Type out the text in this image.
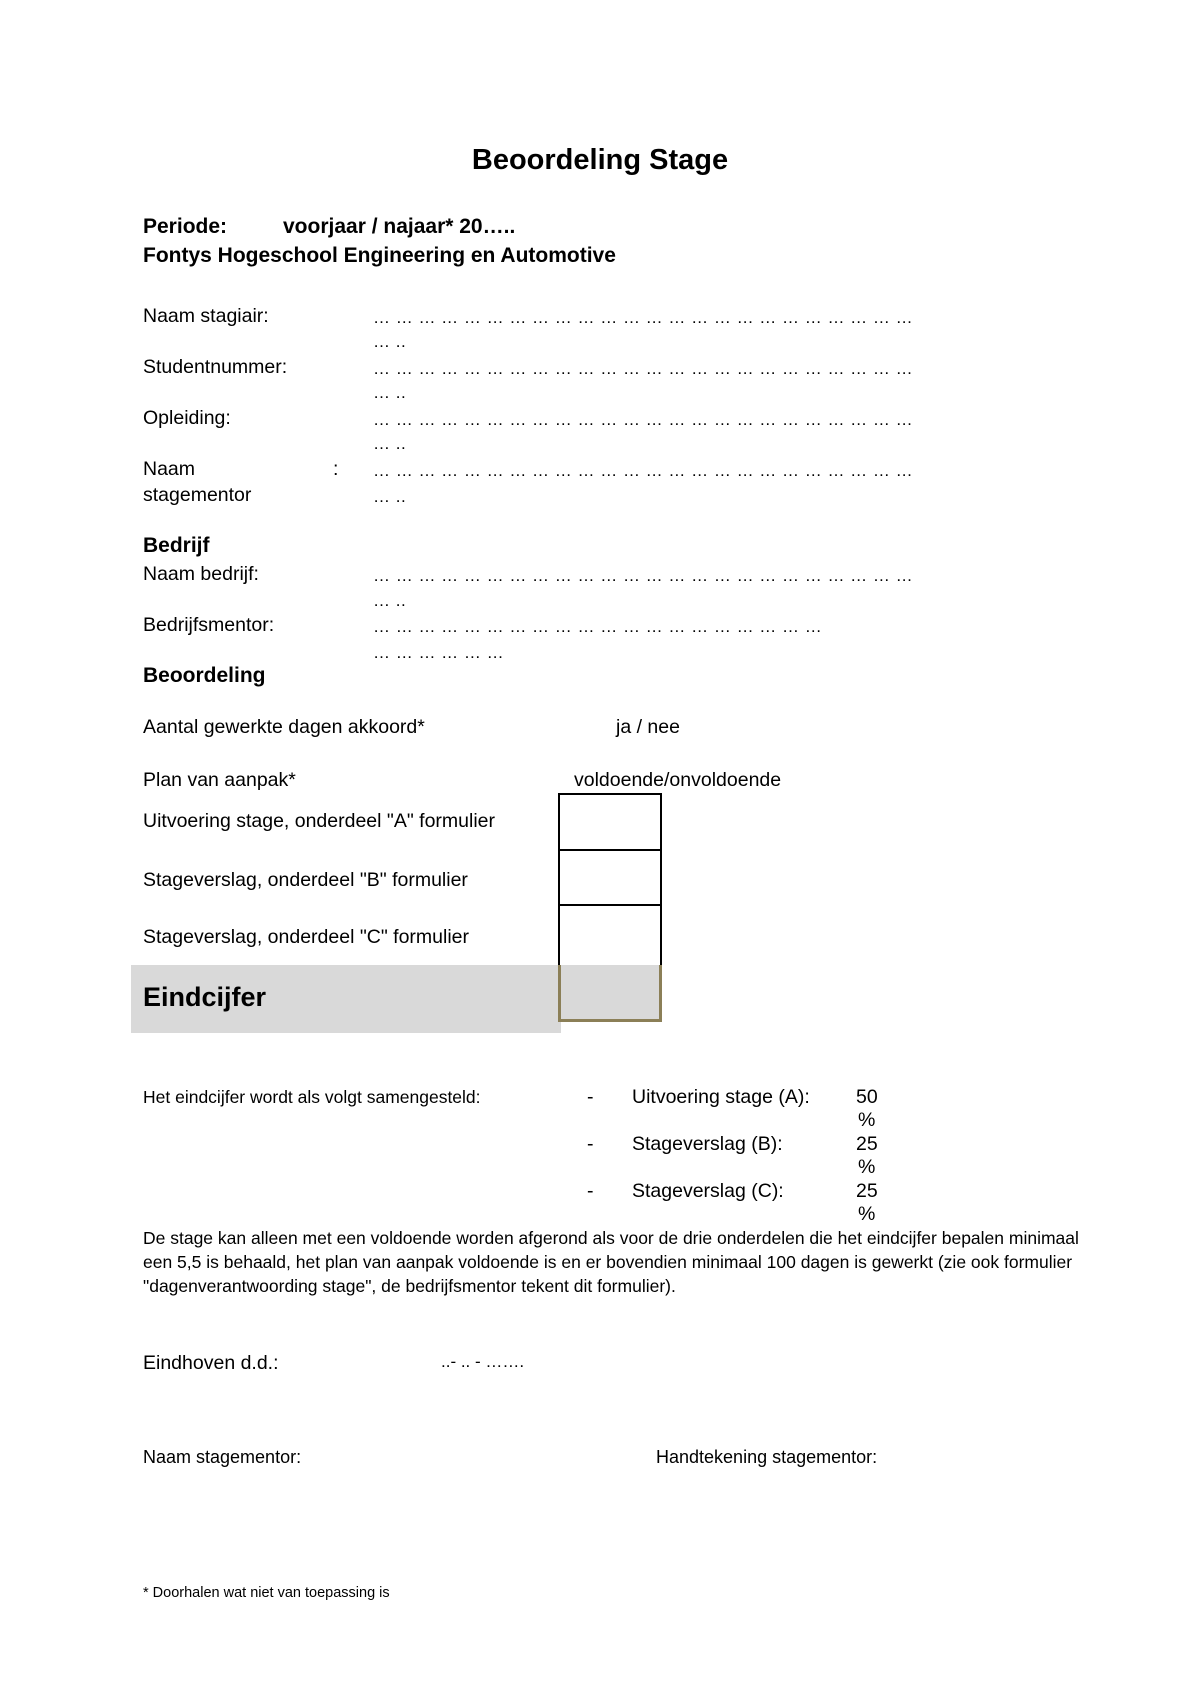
Beoordeling Stage
Periode:	voorjaar / najaar* 20…..
Fontys Hogeschool Engineering en Automotive
Naam stagiair:	… … … … … … … … … … … … … … … … … … … … … … … …
… ..
Studentnummer:	… … … … … … … … … … … … … … … … … … … … … … … …
… ..
Opleiding:	… … … … … … … … … … … … … … … … … … … … … … … …
… ..
Naam	:
stagementor
… … … … … … … … … … … … … … … … … … … … … … … …
… ..
Bedrijf
Naam bedrijf:	… … … … … … … … … … … … … … … … … … … … … … … …
… ..
Bedrijfsmentor:	… … … … … … … … … … … … … … … … … … … …
… … … … … …
Beoordeling
Aantal gewerkte dagen akkoord*	ja / nee
Plan van aanpak*	voldoende/onvoldoende
Uitvoering stage, onderdeel "A" formulier
Stageverslag, onderdeel "B" formulier
Stageverslag, onderdeel "C" formulier
Eindcijfer
Het eindcijfer wordt als volgt samengesteld:	- Uitvoering stage (A): 50
%
- Stageverslag (B):	25
%
- Stageverslag (C):	25
%
De stage kan alleen met een voldoende worden afgerond als voor de drie onderdelen die het eindcijfer bepalen minimaal een 5,5 is behaald, het plan van aanpak voldoende is en er bovendien minimaal 100 dagen is gewerkt (zie ook formulier "dagenverantwoording stage", de bedrijfsmentor tekent dit formulier).
Eindhoven d.d.:	..- .. - …….
Naam stagementor:	Handtekening stagementor:
* Doorhalen wat niet van toepassing is
